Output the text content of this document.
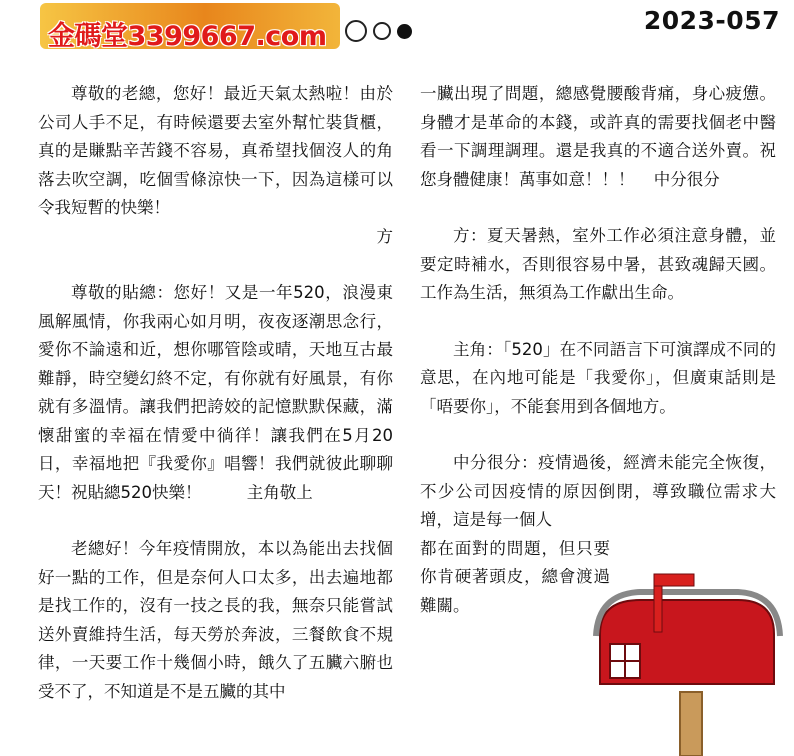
金碼堂3399667.com
2023-057

尊敬的老總，您好！最近天氣太熱啦！由於公司人手不足，有時候還要去室外幫忙裝貨櫃，真的是賺點辛苦錢不容易，真希望找個沒人的角落去吹空調，吃個雪條涼快一下，因為這樣可以令我短暫的快樂！
方

尊敬的貼總：您好！又是一年520，浪漫東風解風情，你我兩心如月明，夜夜逐潮思念行，愛你不論遠和近，想你哪管陰或晴，天地互古最難靜，時空變幻終不定，有你就有好風景，有你就有多溫情。讓我們把誇姣的記憶默默保藏，滿懷甜蜜的幸福在情愛中徜徉！讓我們在5月20日，幸福地把『我愛你』唱響！我們就彼此聊聊天！祝貼總520快樂！	主角敬上

老總好！今年疫情開放，本以為能出去找個好一點的工作，但是奈何人口太多，出去遍地都是找工作的，沒有一技之長的我，無奈只能嘗試送外賣維持生活，每天勞於奔波，三餐飲食不規律，一天要工作十幾個小時，餓久了五臟六腑也受不了，不知道是不是五臟的其中

一臟出現了問題，總感覺腰酸背痛，身心疲憊。身體才是革命的本錢，或許真的需要找個老中醫看一下調理調理。還是我真的不適合送外賣。祝您身體健康！萬事如意！！！ 中分很分

方：夏天暑熱，室外工作必須注意身體，並要定時補水，否則很容易中暑，甚致魂歸天國。工作為生活，無須為工作獻出生命。

主角：「520」在不同語言下可演譯成不同的意思，在內地可能是「我愛你」，但廣東話則是「唔要你」，不能套用到各個地方。

中分很分：疫情過後，經濟未能完全恢復，不少公司因疫情的原因倒閉，導致職位需求大增，這是每一個人

都在面對的問題，但只要你肯硬著頭皮，總會渡過難關。
